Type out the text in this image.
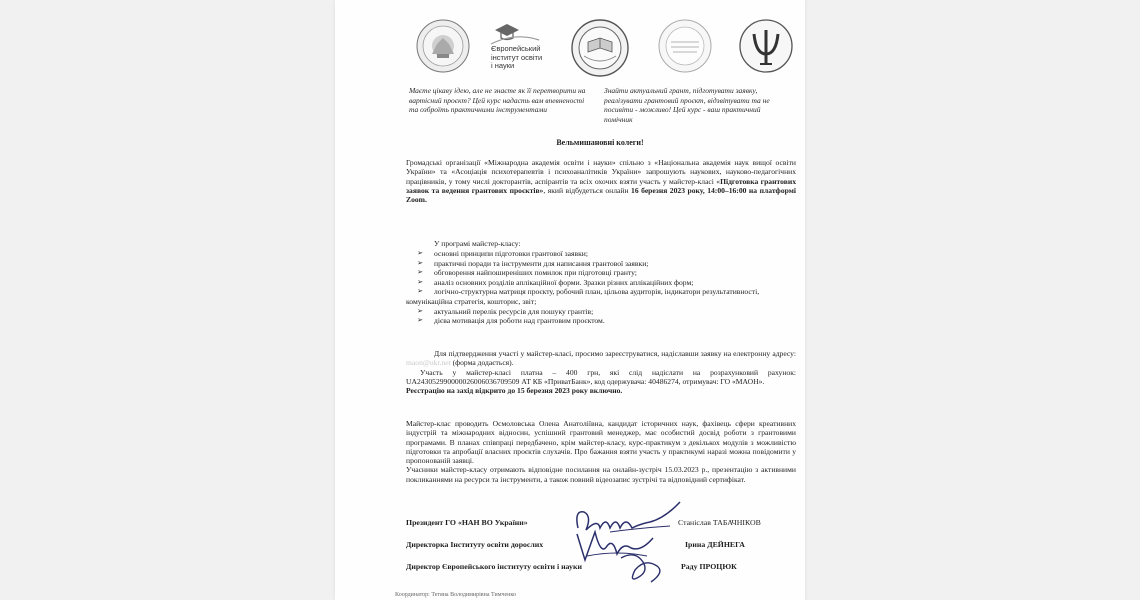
Європейський
інститут освіти
і науки
Маєте цікаву ідею, але не знаєте як її перетворити на вартісний проєкт? Цей курс надасть вам впевненості та озброїть практичними інструментами
Знайти актуальний грант, підготувати заявку, реалізувати грантовий проєкт, відзвітувати та не посивіти - можливо! Цей курс - ваш практичний помічник
Вельмишановні колеги!
Громадські організації «Міжнародна академія освіти і науки» спільно з «Національна академія наук вищої освіти України» та «Асоціація психотерапевтів і психоаналітиків України» запрошують наукових, науково-педагогічних працівників, у тому числі докторантів, аспірантів та всіх охочих взяти участь у майстер-класі «Підготовка грантових заявок та ведення грантових проєктів», який відбудеться онлайн 16 березня 2023 року, 14:00–16:00 на платформі Zoom.
У програмі майстер-класу:
➢	основні принципи підготовки грантової заявки;
➢	практичні поради та інструменти для написання грантової заявки;
➢	обговорення найпоширеніших помилок при підготовці гранту;
➢	аналіз основних розділів аплікаційної форми. Зразки різних аплікаційних форм;
➢	логічно-структурна матриця проєкту, робочий план, цільова аудиторія, індикатори результативності, комунікаційна стратегія, кошторис, звіт;
➢	актуальний перелік ресурсів для пошуку грантів;
➢	дієва мотивація для роботи над грантовим проєктом.
Для підтвердження участі у майстер-класі, просимо зареєструватися, надіславши заявку на електронну адресу: maon@ukr.net (форма додається).
Участь у майстер-класі платна – 400 грн, які слід надіслати на розрахунковий рахунок: UA243052990000026006036709509 АТ КБ «ПриватБанк», код одержувача: 40486274, отримувач: ГО «МАОН».
Реєстрацію на захід відкрито до 15 березня 2023 року включно.
Майстер-клас проводить Осмоловська Олена Анатоліївна, кандидат історичних наук, фахівець сфери креативних індустрій та міжнародних відносин, успішний грантовий менеджер, має особистий досвід роботи з грантовими програмами. В планах співпраці передбачено, крім майстер-класу, курс-практикум з декількох модулів з можливістю підготовки та апробації власних проєктів слухачів. Про бажання взяти участь у практикумі наразі можна повідомити у пропонованій заявці.
Учасники майстер-класу отримають відповідне посилання на онлайн-зустріч 15.03.2023 р., презентацію з активними покликаннями на ресурси та інструменти, а також повний відеозапис зустрічі та відповідний сертифікат.
Президент ГО «НАН ВО України»	Станіслав ТАБАЧНІКОВ
Директорка Інституту освіти дорослих	Ірина ДЕЙНЕГА
Директор Європейського інституту освіти і науки	Раду ПРОЦЮК
Координатор: Тетяна Володимирівна Тимченко
